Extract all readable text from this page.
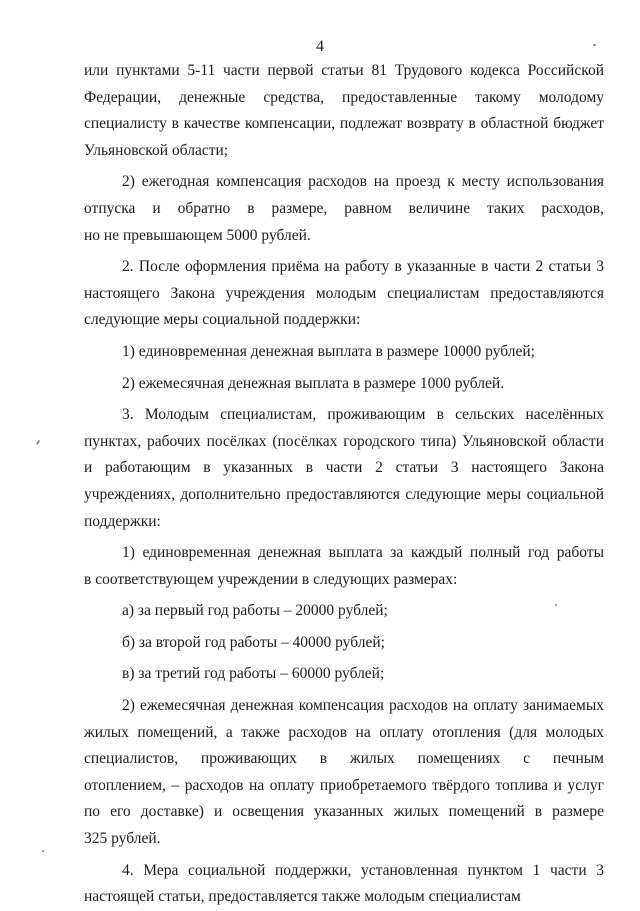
4
или пунктами 5-11 части первой статьи 81 Трудового кодекса Российской
Федерации, денежные средства, предоставленные такому молодому
специалисту в качестве компенсации, подлежат возврату в областной бюджет
Ульяновской области;
2) ежегодная компенсация расходов на проезд к месту использования
отпуска и обратно в размере, равном величине таких расходов,
но не превышающем 5000 рублей.
2. После оформления приёма на работу в указанные в части 2 статьи 3
настоящего Закона учреждения молодым специалистам предоставляются
следующие меры социальной поддержки:
1) единовременная денежная выплата в размере 10000 рублей;
2) ежемесячная денежная выплата в размере 1000 рублей.
3. Молодым специалистам, проживающим в сельских населённых
пунктах, рабочих посёлках (посёлках городского типа) Ульяновской области
и работающим в указанных в части 2 статьи 3 настоящего Закона
учреждениях, дополнительно предоставляются следующие меры социальной
поддержки:
1) единовременная денежная выплата за каждый полный год работы
в соответствующем учреждении в следующих размерах:
а) за первый год работы – 20000 рублей;
б) за второй год работы – 40000 рублей;
в) за третий год работы – 60000 рублей;
2) ежемесячная денежная компенсация расходов на оплату занимаемых
жилых помещений, а также расходов на оплату отопления (для молодых
специалистов, проживающих в жилых помещениях с печным
отоплением, – расходов на оплату приобретаемого твёрдого топлива и услуг
по его доставке) и освещения указанных жилых помещений в размере
325 рублей.
4. Мера социальной поддержки, установленная пунктом 1 части 3
настоящей статьи, предоставляется также молодым специалистам
